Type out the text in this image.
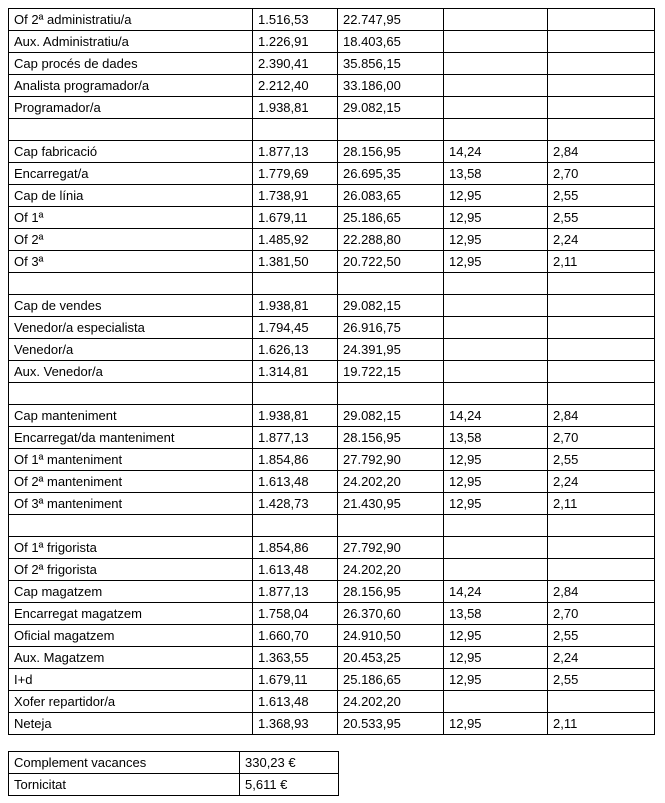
Of 2ª administratiu/a	1.516,53	22.747,95		
Aux. Administratiu/a	1.226,91	18.403,65		
Cap procés de dades	2.390,41	35.856,15		
Analista programador/a	2.212,40	33.186,00		
Programador/a	1.938,81	29.082,15		

Cap fabricació	1.877,13	28.156,95	14,24	2,84
Encarregat/a	1.779,69	26.695,35	13,58	2,70
Cap de línia	1.738,91	26.083,65	12,95	2,55
Of 1ª	1.679,11	25.186,65	12,95	2,55
Of 2ª	1.485,92	22.288,80	12,95	2,24
Of 3ª	1.381,50	20.722,50	12,95	2,11

Cap de vendes	1.938,81	29.082,15		
Venedor/a especialista	1.794,45	26.916,75		
Venedor/a	1.626,13	24.391,95		
Aux. Venedor/a	1.314,81	19.722,15		

Cap manteniment	1.938,81	29.082,15	14,24	2,84
Encarregat/da manteniment	1.877,13	28.156,95	13,58	2,70
Of 1ª manteniment	1.854,86	27.792,90	12,95	2,55
Of 2ª manteniment	1.613,48	24.202,20	12,95	2,24
Of 3ª manteniment	1.428,73	21.430,95	12,95	2,11

Of 1ª frigorista	1.854,86	27.792,90		
Of 2ª frigorista	1.613,48	24.202,20		
Cap magatzem	1.877,13	28.156,95	14,24	2,84
Encarregat magatzem	1.758,04	26.370,60	13,58	2,70
Oficial magatzem	1.660,70	24.910,50	12,95	2,55
Aux. Magatzem	1.363,55	20.453,25	12,95	2,24
I+d	1.679,11	25.186,65	12,95	2,55
Xofer repartidor/a	1.613,48	24.202,20		
Neteja	1.368,93	20.533,95	12,95	2,11
Complement vacances	330,23 €
Tornicitat	5,611 €
